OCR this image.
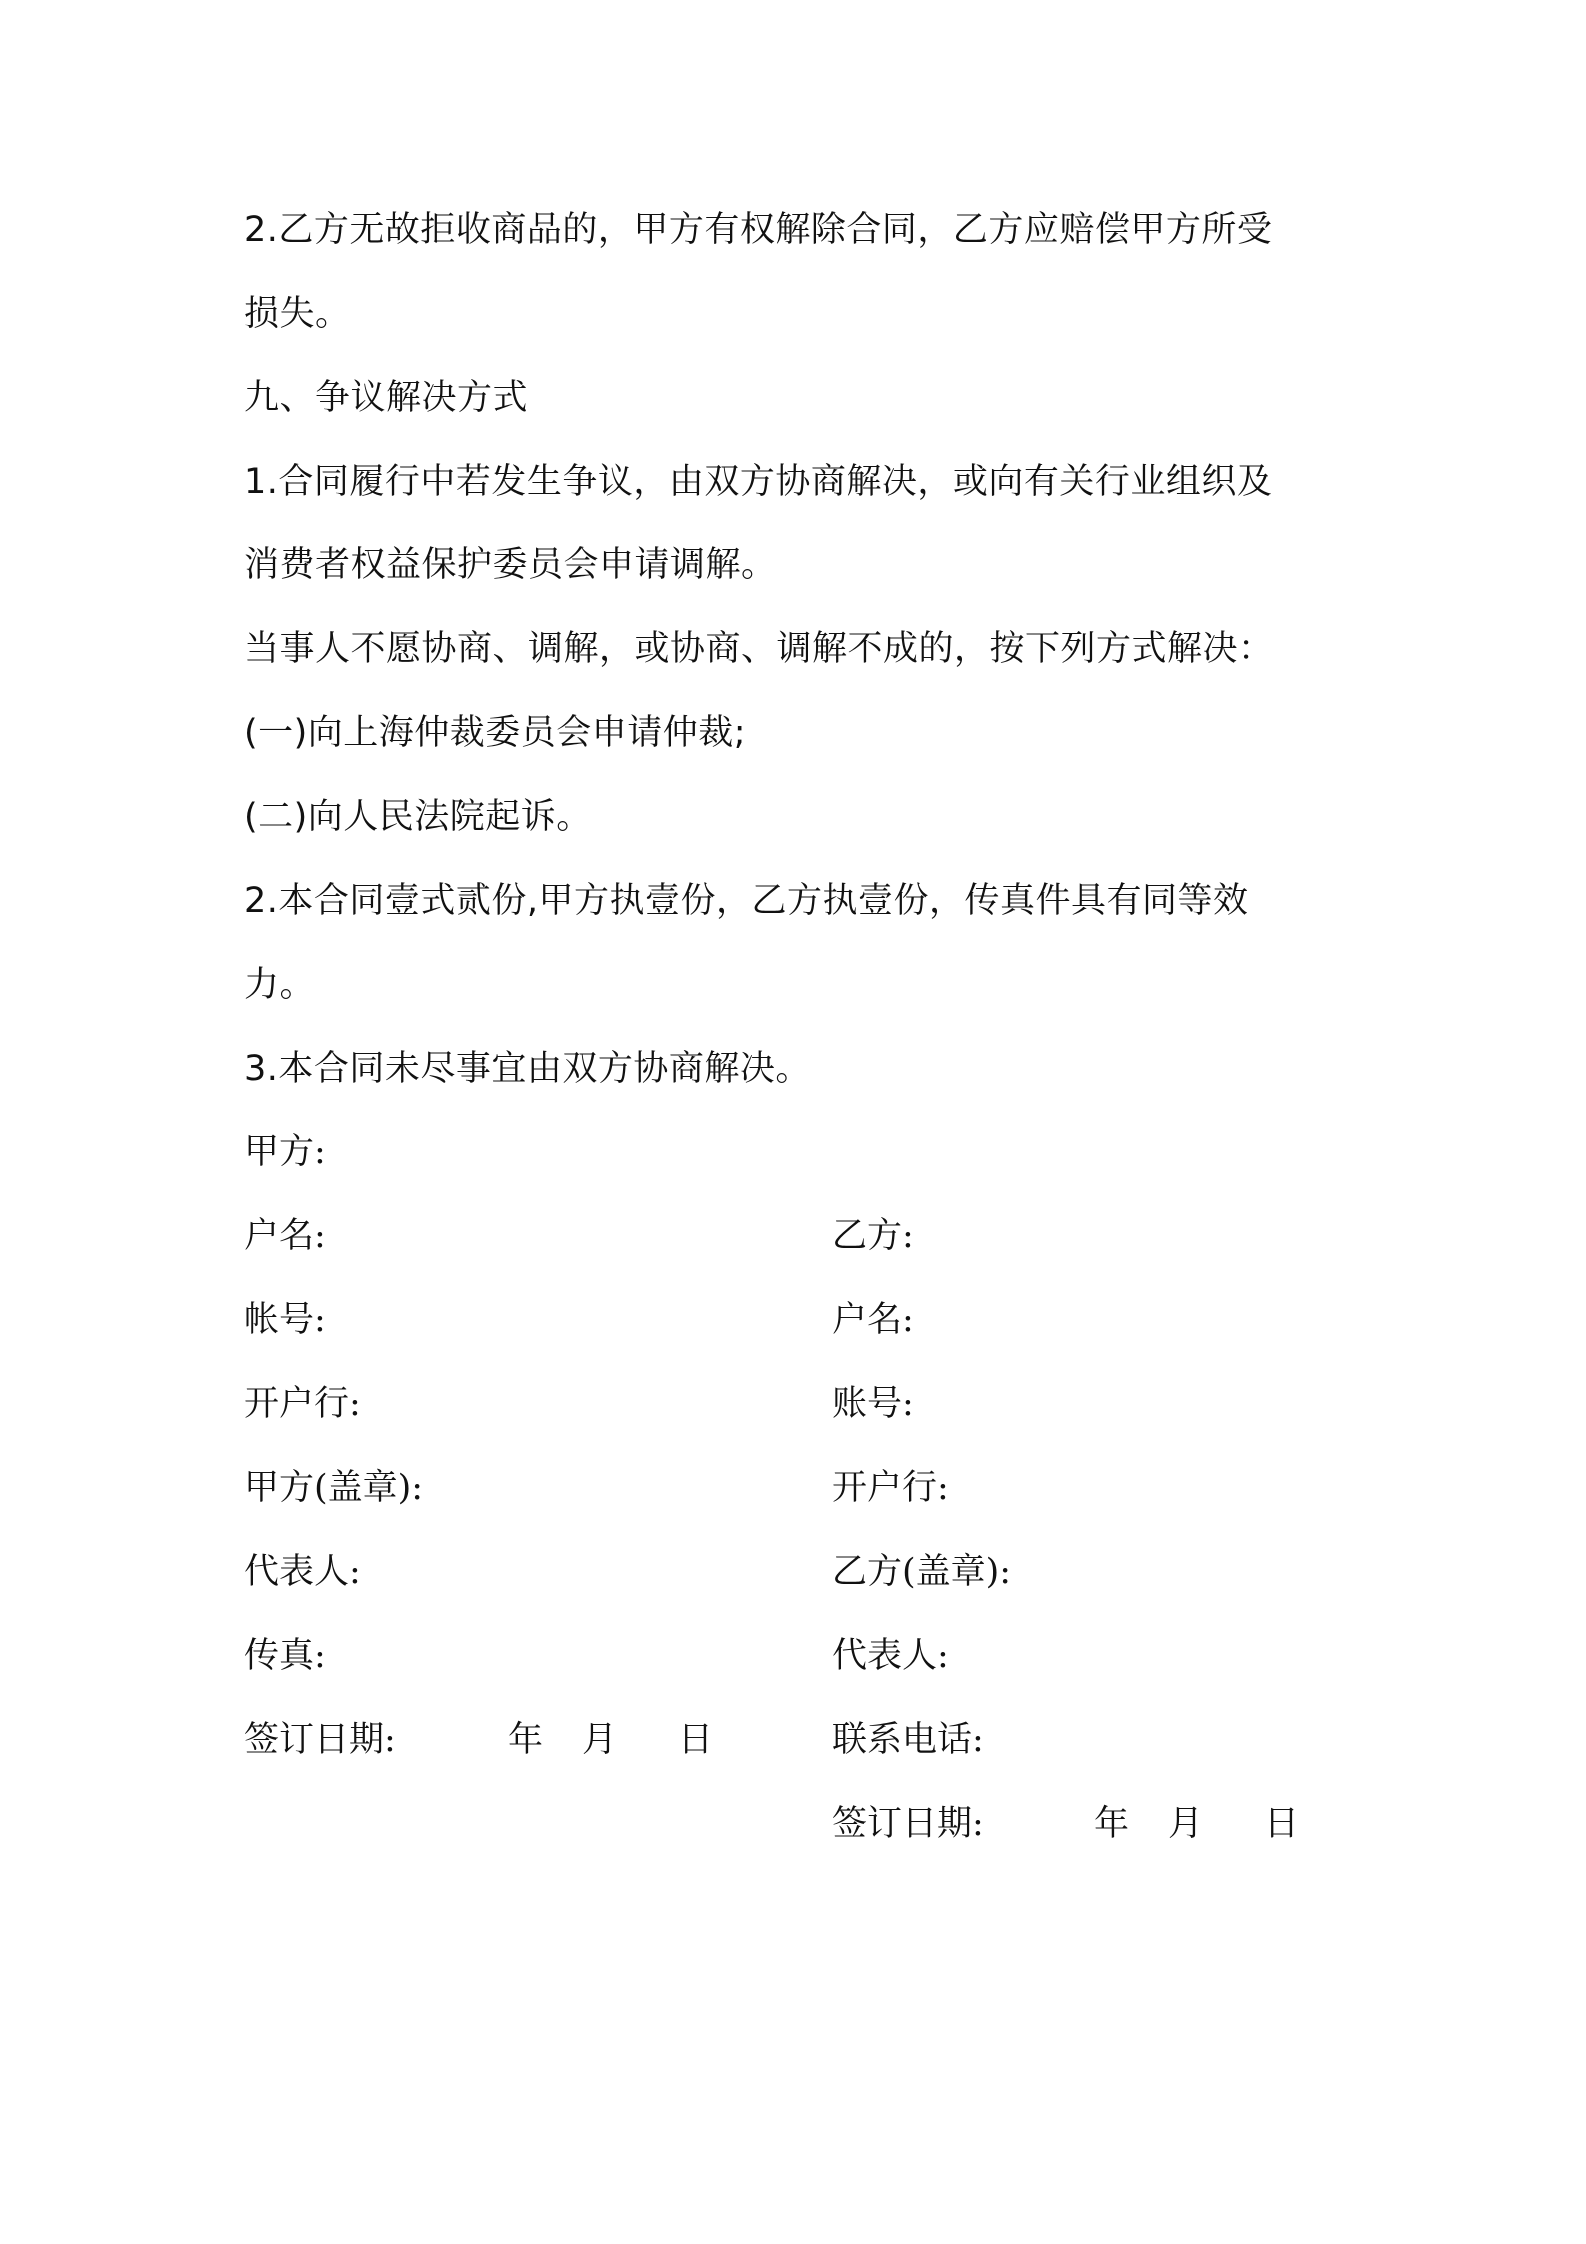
2.乙方无故拒收商品的，甲方有权解除合同，乙方应赔偿甲方所受
损失。
九、争议解决方式
1.合同履行中若发生争议，由双方协商解决，或向有关行业组织及
消费者权益保护委员会申请调解。
当事人不愿协商、调解，或协商、调解不成的，按下列方式解决：
(一)向上海仲裁委员会申请仲裁;
(二)向人民法院起诉。
2.本合同壹式贰份,甲方执壹份，乙方执壹份，传真件具有同等效
力。
3.本合同未尽事宜由双方协商解决。
甲方:
户名:
帐号:
开户行:
甲方(盖章):
代表人:
传真:
签订日期:	年 月 日
乙方:
户名:
账号:
开户行:
乙方(盖章):
代表人:
联系电话:
签订日期:	年 月 日
